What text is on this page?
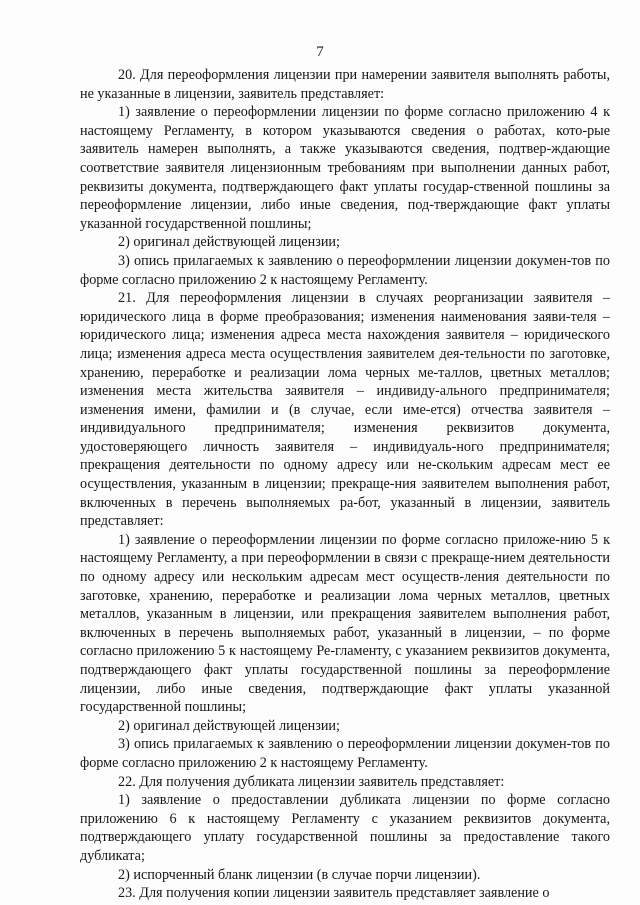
7

20. Для переоформления лицензии при намерении заявителя выполнять работы, не указанные в лицензии, заявитель представляет:

1) заявление о переоформлении лицензии по форме согласно приложению 4 к настоящему Регламенту, в котором указываются сведения о работах, кото-рые заявитель намерен выполнять, а также указываются сведения, подтвер-ждающие соответствие заявителя лицензионным требованиям при выполнении данных работ, реквизиты документа, подтверждающего факт уплаты государ-ственной пошлины за переоформление лицензии, либо иные сведения, под-тверждающие факт уплаты указанной государственной пошлины;

2) оригинал действующей лицензии;

3) опись прилагаемых к заявлению о переоформлении лицензии докумен-тов по форме согласно приложению 2 к настоящему Регламенту.

21. Для переоформления лицензии в случаях реорганизации заявителя – юридического лица в форме преобразования; изменения наименования заяви-теля – юридического лица; изменения адреса места нахождения заявителя – юридического лица; изменения адреса места осуществления заявителем дея-тельности по заготовке, хранению, переработке и реализации лома черных ме-таллов, цветных металлов; изменения места жительства заявителя – индивиду-ального предпринимателя; изменения имени, фамилии и (в случае, если име-ется) отчества заявителя – индивидуального предпринимателя; изменения реквизитов документа, удостоверяющего личность заявителя – индивидуаль-ного предпринимателя; прекращения деятельности по одному адресу или не-скольким адресам мест ее осуществления, указанным в лицензии; прекраще-ния заявителем выполнения работ, включенных в перечень выполняемых ра-бот, указанный в лицензии, заявитель представляет:

1) заявление о переоформлении лицензии по форме согласно приложе-нию 5 к настоящему Регламенту, а при переоформлении в связи с прекраще-нием деятельности по одному адресу или нескольким адресам мест осуществ-ления деятельности по заготовке, хранению, переработке и реализации лома черных металлов, цветных металлов, указанным в лицензии, или прекращения заявителем выполнения работ, включенных в перечень выполняемых работ, указанный в лицензии, – по форме согласно приложению 5 к настоящему Ре-гламенту, с указанием реквизитов документа, подтверждающего факт уплаты государственной пошлины за переоформление лицензии, либо иные сведения, подтверждающие факт уплаты указанной государственной пошлины;

2) оригинал действующей лицензии;

3) опись прилагаемых к заявлению о переоформлении лицензии докумен-тов по форме согласно приложению 2 к настоящему Регламенту.

22. Для получения дубликата лицензии заявитель представляет:

1) заявление о предоставлении дубликата лицензии по форме согласно приложению 6 к настоящему Регламенту с указанием реквизитов документа, подтверждающего уплату государственной пошлины за предоставление такого дубликата;

2) испорченный бланк лицензии (в случае порчи лицензии).

23. Для получения копии лицензии заявитель представляет заявление о
